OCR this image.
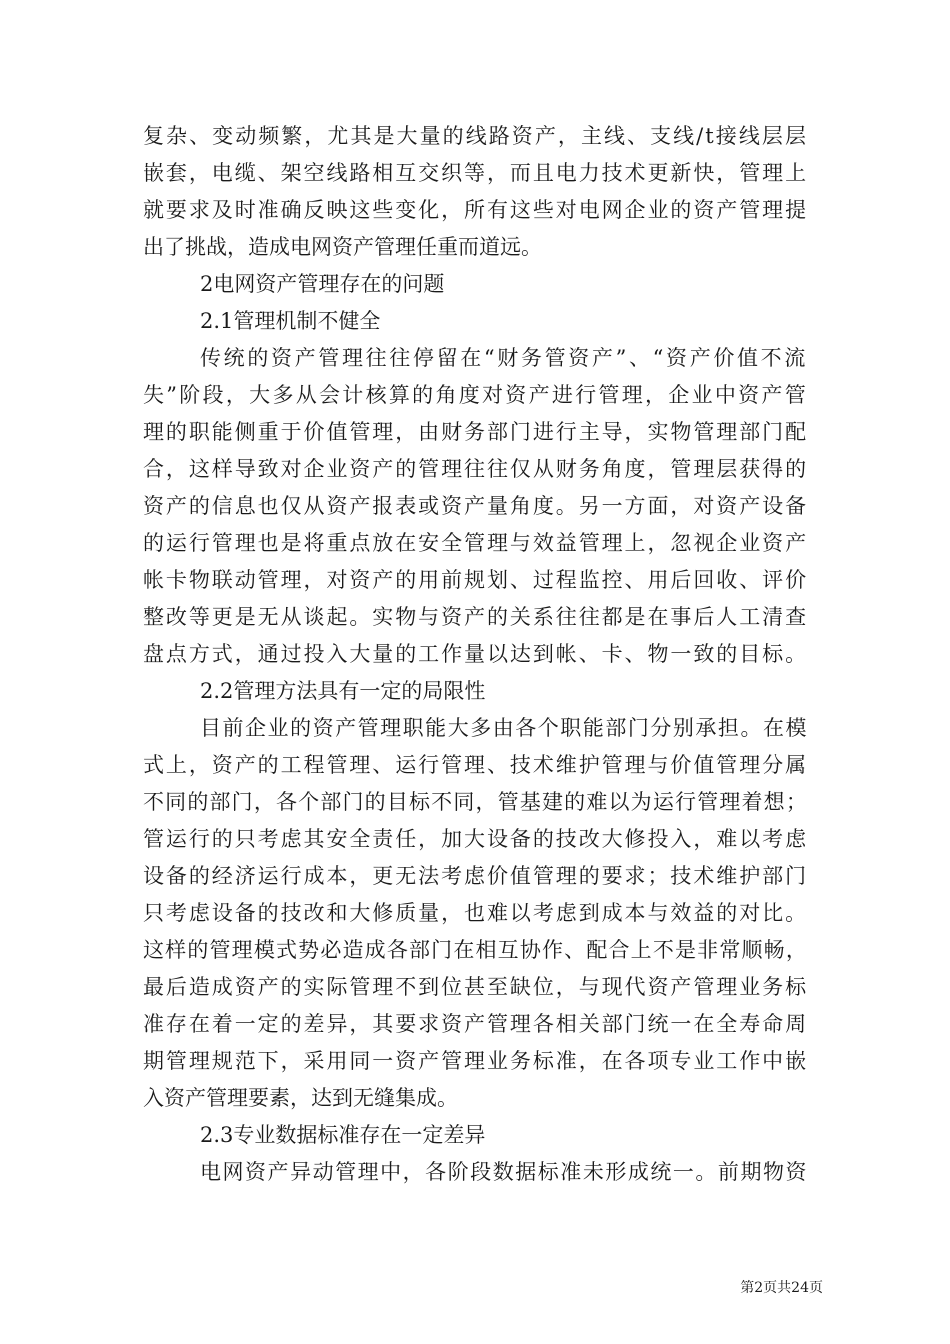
复杂、变动频繁，尤其是大量的线路资产，主线、支线/t接线层层
嵌套，电缆、架空线路相互交织等，而且电力技术更新快，管理上
就要求及时准确反映这些变化，所有这些对电网企业的资产管理提
出了挑战，造成电网资产管理任重而道远。
2电网资产管理存在的问题
2.1管理机制不健全
传统的资产管理往往停留在“财务管资产”、“资产价值不流
失”阶段，大多从会计核算的角度对资产进行管理，企业中资产管
理的职能侧重于价值管理，由财务部门进行主导，实物管理部门配
合，这样导致对企业资产的管理往往仅从财务角度，管理层获得的
资产的信息也仅从资产报表或资产量角度。另一方面，对资产设备
的运行管理也是将重点放在安全管理与效益管理上，忽视企业资产
帐卡物联动管理，对资产的用前规划、过程监控、用后回收、评价
整改等更是无从谈起。实物与资产的关系往往都是在事后人工清查
盘点方式，通过投入大量的工作量以达到帐、卡、物一致的目标。
2.2管理方法具有一定的局限性
目前企业的资产管理职能大多由各个职能部门分别承担。在模
式上，资产的工程管理、运行管理、技术维护管理与价值管理分属
不同的部门，各个部门的目标不同，管基建的难以为运行管理着想；
管运行的只考虑其安全责任，加大设备的技改大修投入，难以考虑
设备的经济运行成本，更无法考虑价值管理的要求；技术维护部门
只考虑设备的技改和大修质量，也难以考虑到成本与效益的对比。
这样的管理模式势必造成各部门在相互协作、配合上不是非常顺畅，
最后造成资产的实际管理不到位甚至缺位，与现代资产管理业务标
准存在着一定的差异，其要求资产管理各相关部门统一在全寿命周
期管理规范下，采用同一资产管理业务标准，在各项专业工作中嵌
入资产管理要素，达到无缝集成。
2.3专业数据标准存在一定差异
电网资产异动管理中，各阶段数据标准未形成统一。前期物资
第2页共24页
